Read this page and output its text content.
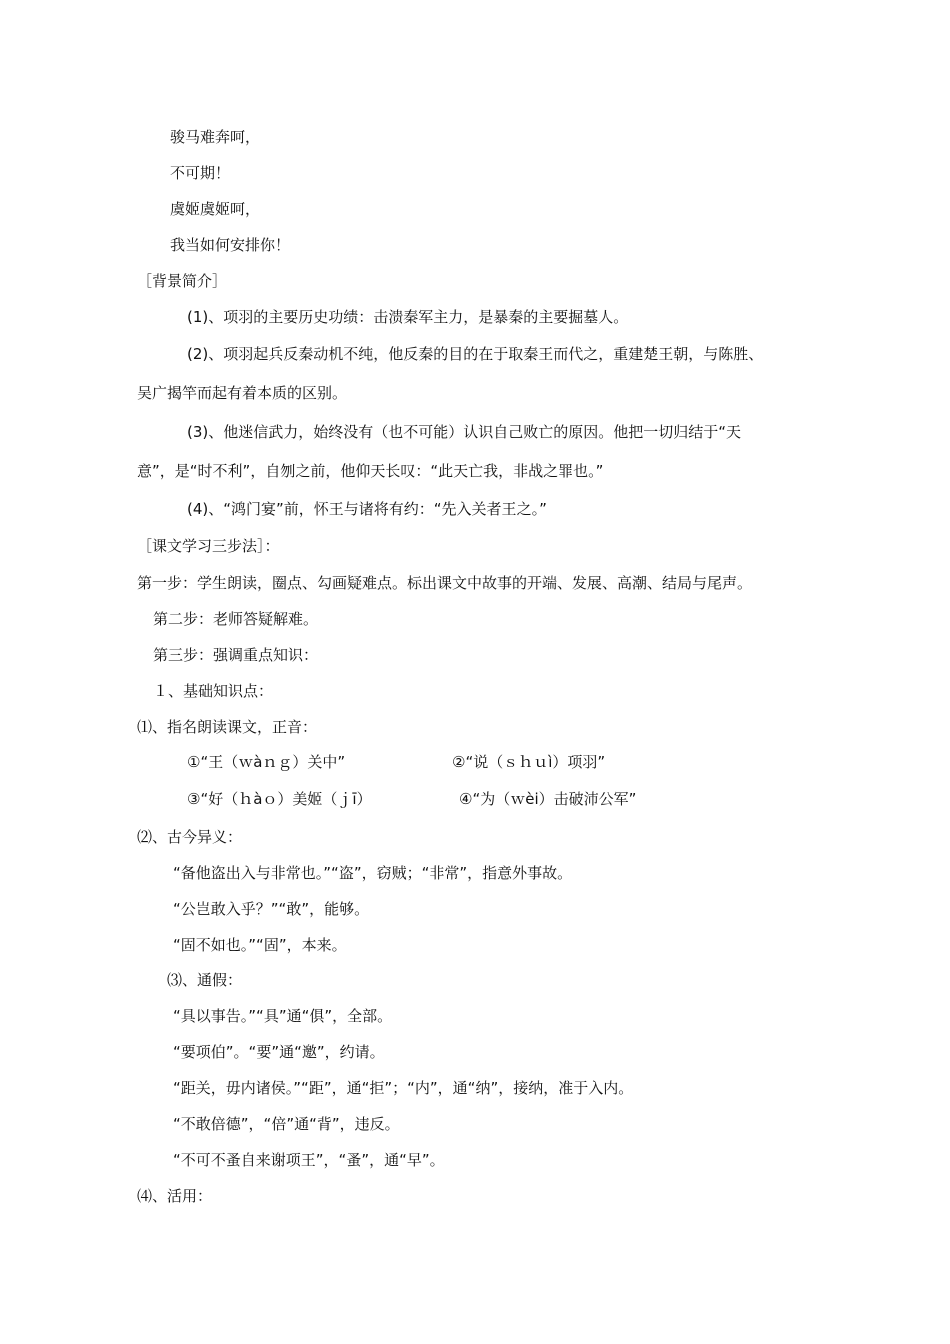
骏马难奔呵，
不可期！
虞姬虞姬呵，
我当如何安排你！
［背景简介］
(1)、项羽的主要历史功绩：击溃秦军主力，是暴秦的主要掘墓人。
(2)、项羽起兵反秦动机不纯，他反秦的目的在于取秦王而代之，重建楚王朝，与陈胜、
吴广揭竿而起有着本质的区别。
(3)、他迷信武力，始终没有（也不可能）认识自己败亡的原因。他把一切归结于“天
意”，是“时不利”，自刎之前，他仰天长叹：“此天亡我，非战之罪也。”
(4)、“鸿门宴”前，怀王与诸将有约：“先入关者王之。”
［课文学习三步法］：
第一步：学生朗读，圈点、勾画疑难点。标出课文中故事的开端、发展、高潮、结局与尾声。
第二步：老师答疑解难。
第三步：强调重点知识：
１、基础知识点：
⑴、指名朗读课文，正音：
①“王（ｗàｎｇ）关中”	②“说（ｓｈｕì）项羽”
③“好（ｈàｏ）美姬（ｊī）	④“为（ｗèi）击破沛公军”
⑵、古今异义：
“备他盗出入与非常也。”“盗”，窃贼；“非常”，指意外事故。
“公岂敢入乎？”“敢”，能够。
“固不如也。”“固”，本来。
⑶、通假：
“具以事告。”“具”通“俱”，全部。
“要项伯”。“要”通“邀”，约请。
“距关，毋内诸侯。”“距”，通“拒”；“内”，通“纳”，接纳，准于入内。
“不敢倍德”，“倍”通“背”，违反。
“不可不蚤自来谢项王”，“蚤”，通“早”。
⑷、活用：
